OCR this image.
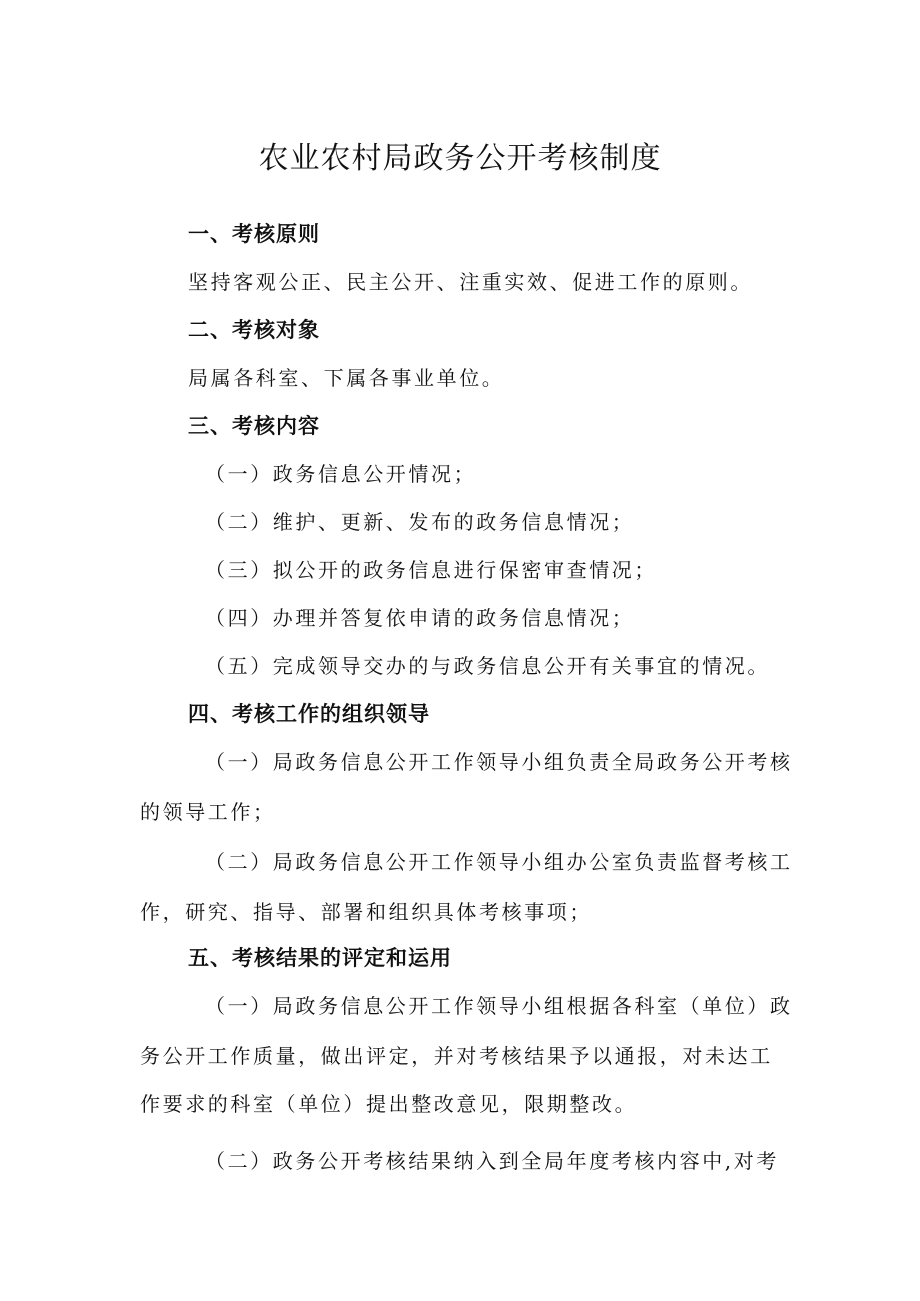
农业农村局政务公开考核制度

一、考核原则

坚持客观公正、民主公开、注重实效、促进工作的原则。

二、考核对象

局属各科室、下属各事业单位。

三、考核内容

（一）政务信息公开情况；

（二）维护、更新、发布的政务信息情况；

（三）拟公开的政务信息进行保密审查情况；

（四）办理并答复依申请的政务信息情况；

（五）完成领导交办的与政务信息公开有关事宜的情况。

四、考核工作的组织领导

（一）局政务信息公开工作领导小组负责全局政务公开考核

的领导工作；

（二）局政务信息公开工作领导小组办公室负责监督考核工

作，研究、指导、部署和组织具体考核事项；

五、考核结果的评定和运用

（一）局政务信息公开工作领导小组根据各科室（单位）政

务公开工作质量，做出评定，并对考核结果予以通报，对未达工

作要求的科室（单位）提出整改意见，限期整改。

（二）政务公开考核结果纳入到全局年度考核内容中,对考
